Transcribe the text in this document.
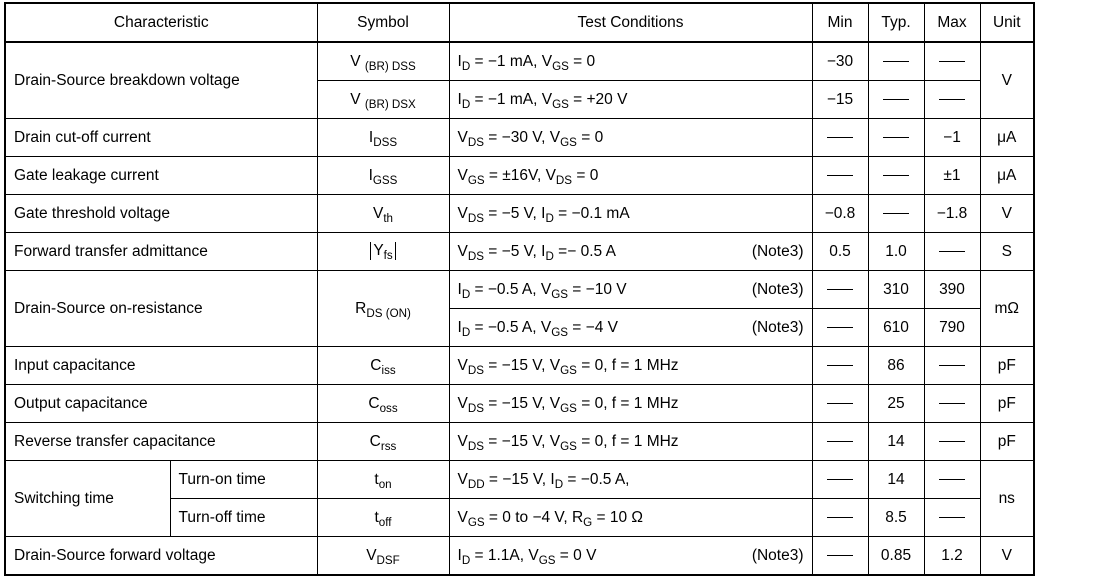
Characteristic		Symbol	Test Conditions	Min	Typ.	Max	Unit
Drain-Source breakdown voltage		V $_{(BR) DSS}$	$I_D = -1$ mA, $V_{GS} = 0$	−30			V
		V $_{(BR) DSX}$	$I_D = -1$ mA, $V_{GS} = +20$ V	−15			
Drain cut-off current		$I_{DSS}$	$V_{DS} = -30$ V, $V_{GS} = 0$			−1	μA
Gate leakage current		$I_{GSS}$	$V_{GS} = \pm 16V$, $V_{DS} = 0$			±1	μA
Gate threshold voltage		$V_{th}$	$V_{DS} = -5$ V, $I_D = -0.1$ mA	−0.8		−1.8	V
Forward transfer admittance		$Y_{fs}$	$V_{DS} = -5$ V, $I_D =- 0.5$ A (Note3)	0.5	1.0		S
Drain-Source on-resistance		$R_{DS (ON)}$	$I_D = -0.5$ A, $V_{GS} = -10$ V (Note3)		310	390	mΩ
			$I_D = -0.5$ A, $V_{GS} = -4$ V (Note3)		610	790	
Input capacitance		$C_{iss}$	$V_{DS} = -15$ V, $V_{GS} = 0$, f = 1 MHz		86		pF
Output capacitance		$C_{oss}$	$V_{DS} = -15$ V, $V_{GS} = 0$, f = 1 MHz		25		pF
Reverse transfer capacitance		$C_{rss}$	$V_{DS} = -15$ V, $V_{GS} = 0$, f = 1 MHz		14		pF
Switching time	Turn-on time	$t_{on}$	$V_{DD} = -15$ V, $I_D = -0.5$ A,		14		ns
	Turn-off time	$t_{off}$	$V_{GS} = 0$ to −4 V, $R_G = 10$ Ω		8.5		
Drain-Source forward voltage		$V_{DSF}$	$I_D = 1.1A$, $V_{GS} = 0$ V (Note3)		0.85	1.2	V
